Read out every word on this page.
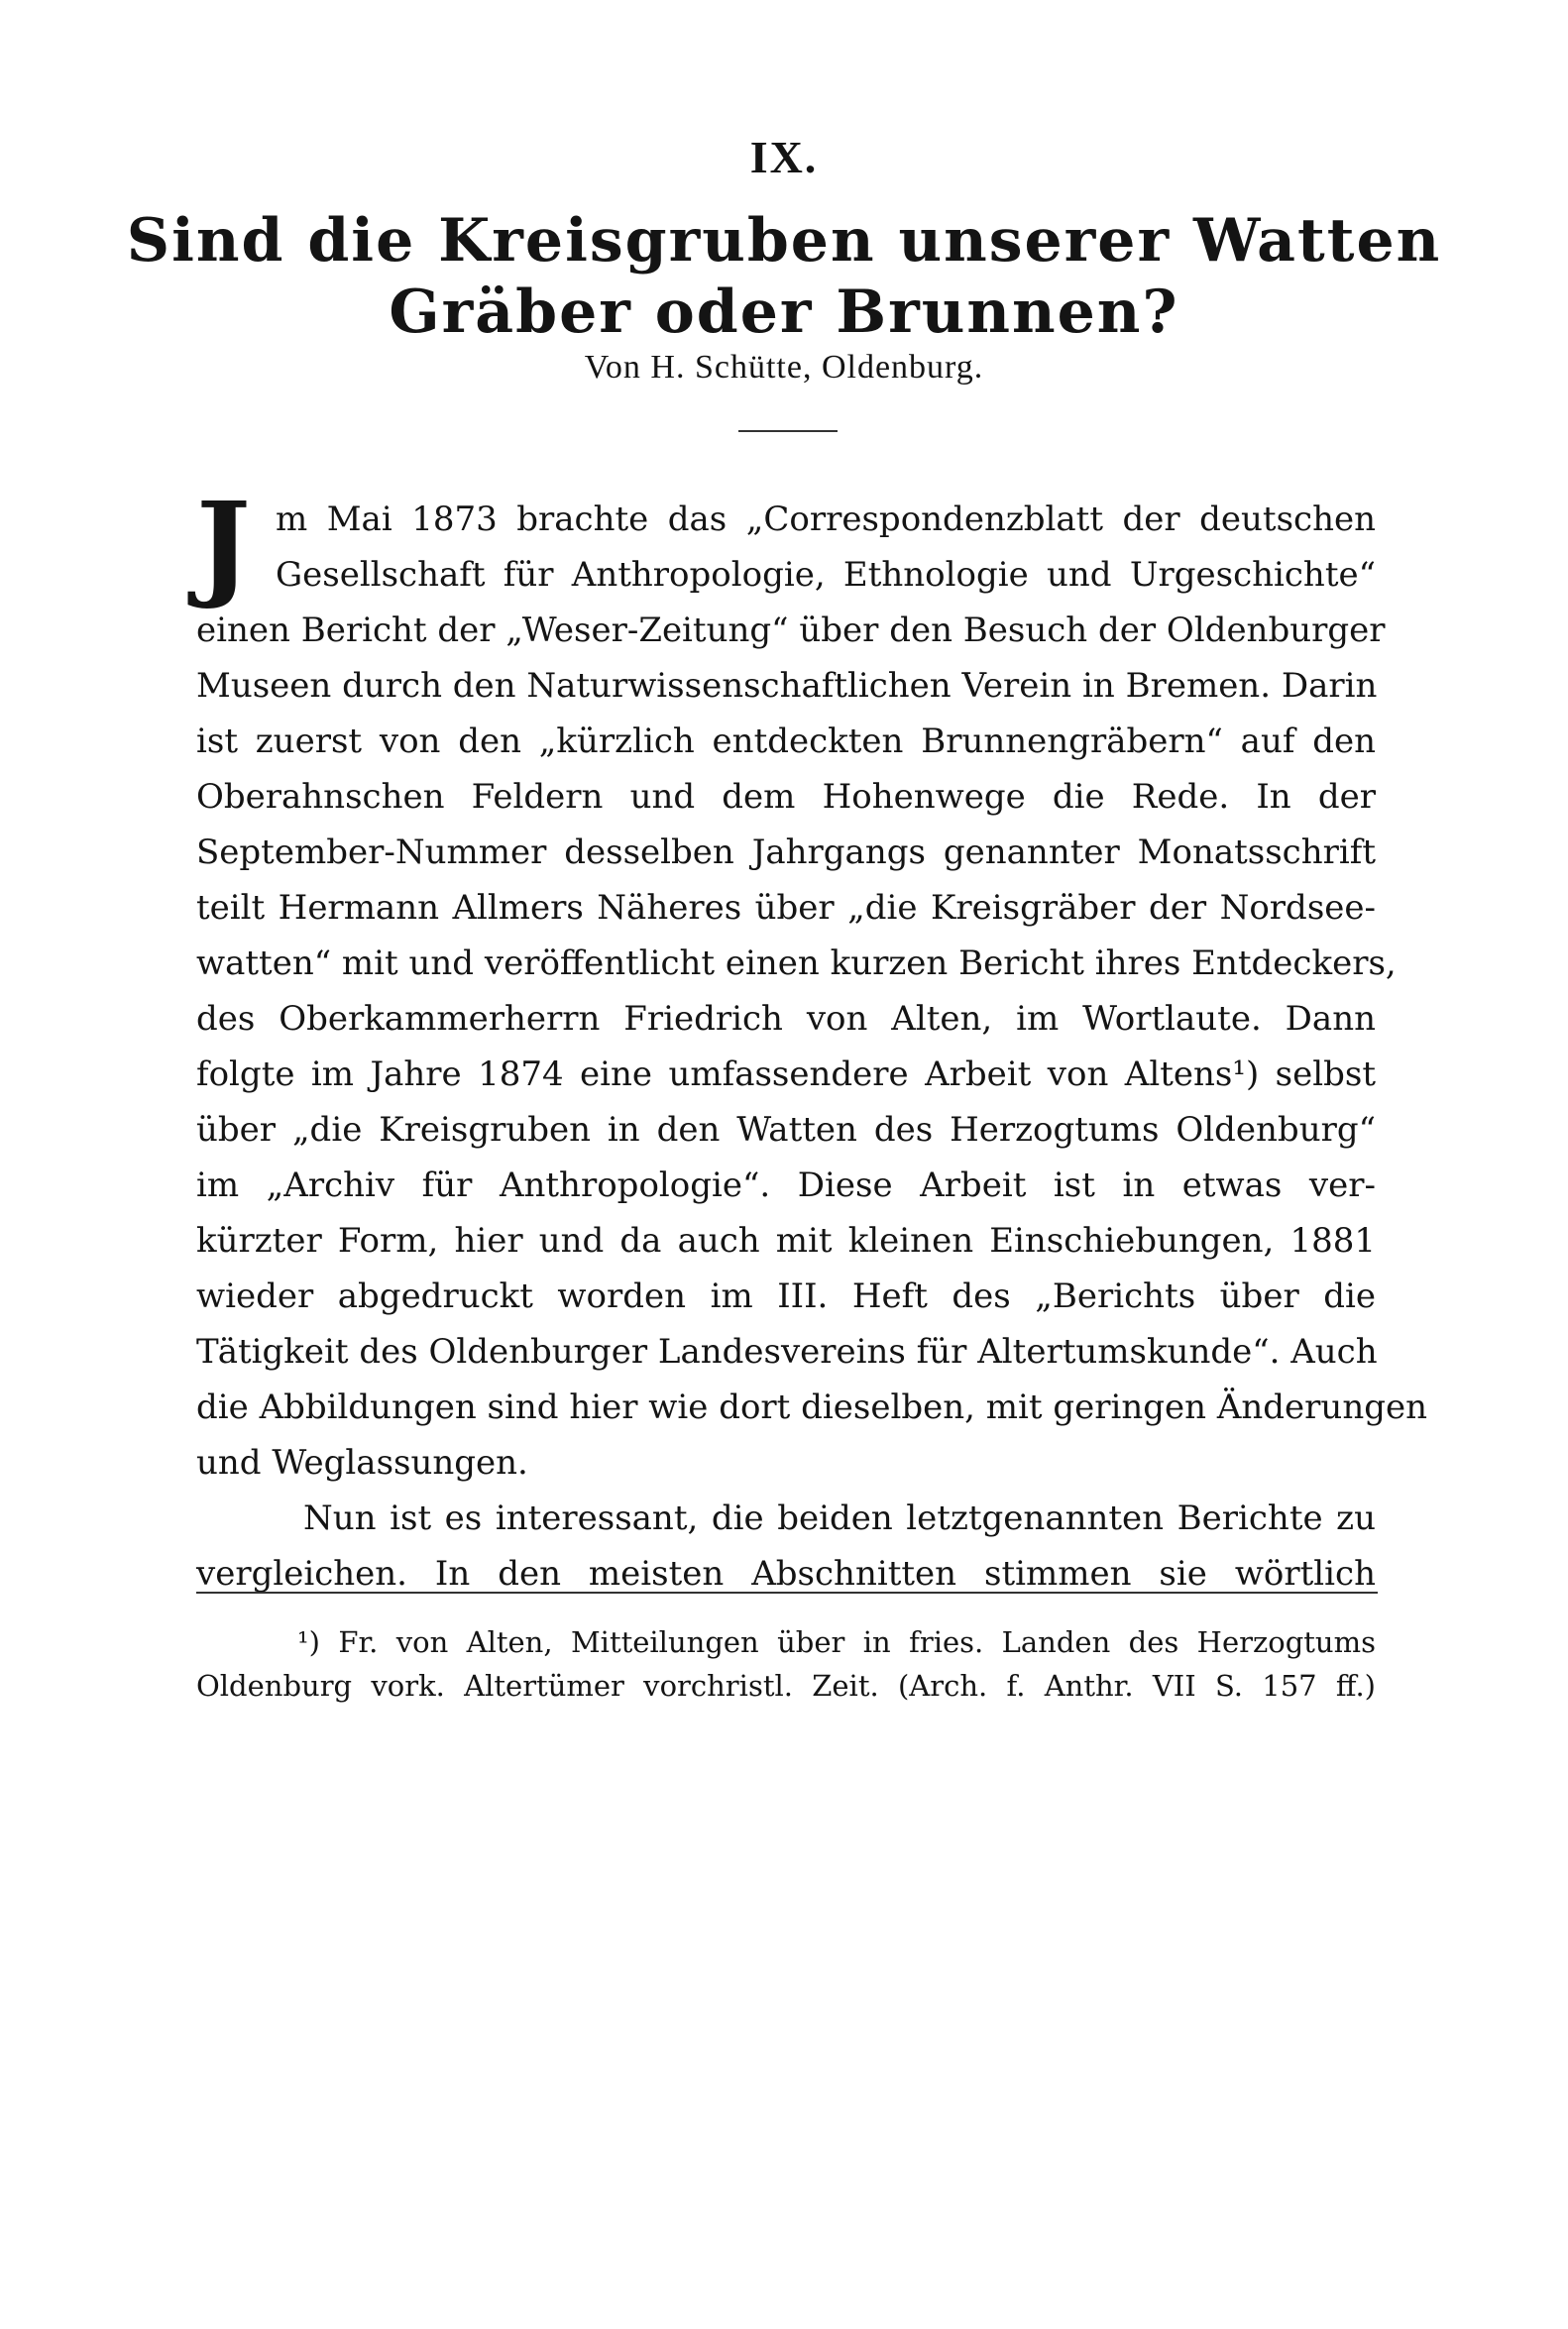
IX.
Sind die Kreisgruben unserer Watten
Gräber oder Brunnen?
Von H. Schütte, Oldenburg.
J m Mai 1873 brachte das „Correspondenzblatt der deutschen
Gesellschaft für Anthropologie, Ethnologie und Urgeschichte“
einen Bericht der „Weser-Zeitung“ über den Besuch der Oldenburger
Museen durch den Naturwissenschaftlichen Verein in Bremen. Darin
ist zuerst von den „kürzlich entdeckten Brunnengräbern“ auf den
Oberahnschen Feldern und dem Hohenwege die Rede. In der
September-Nummer desselben Jahrgangs genannter Monatsschrift
teilt Hermann Allmers Näheres über „die Kreisgräber der Nordsee-
watten“ mit und veröffentlicht einen kurzen Bericht ihres Entdeckers,
des Oberkammerherrn Friedrich von Alten, im Wortlaute. Dann
folgte im Jahre 1874 eine umfassendere Arbeit von Altens¹) selbst
über „die Kreisgruben in den Watten des Herzogtums Oldenburg“
im „Archiv für Anthropologie“. Diese Arbeit ist in etwas ver-
kürzter Form, hier und da auch mit kleinen Einschiebungen, 1881
wieder abgedruckt worden im III. Heft des „Berichts über die
Tätigkeit des Oldenburger Landesvereins für Altertumskunde“. Auch
die Abbildungen sind hier wie dort dieselben, mit geringen Änderungen
und Weglassungen.
Nun ist es interessant, die beiden letztgenannten Berichte zu
vergleichen. In den meisten Abschnitten stimmen sie wörtlich
¹) Fr. von Alten, Mitteilungen über in fries. Landen des Herzogtums
Oldenburg vork. Altertümer vorchristl. Zeit. (Arch. f. Anthr. VII S. 157 ff.)
